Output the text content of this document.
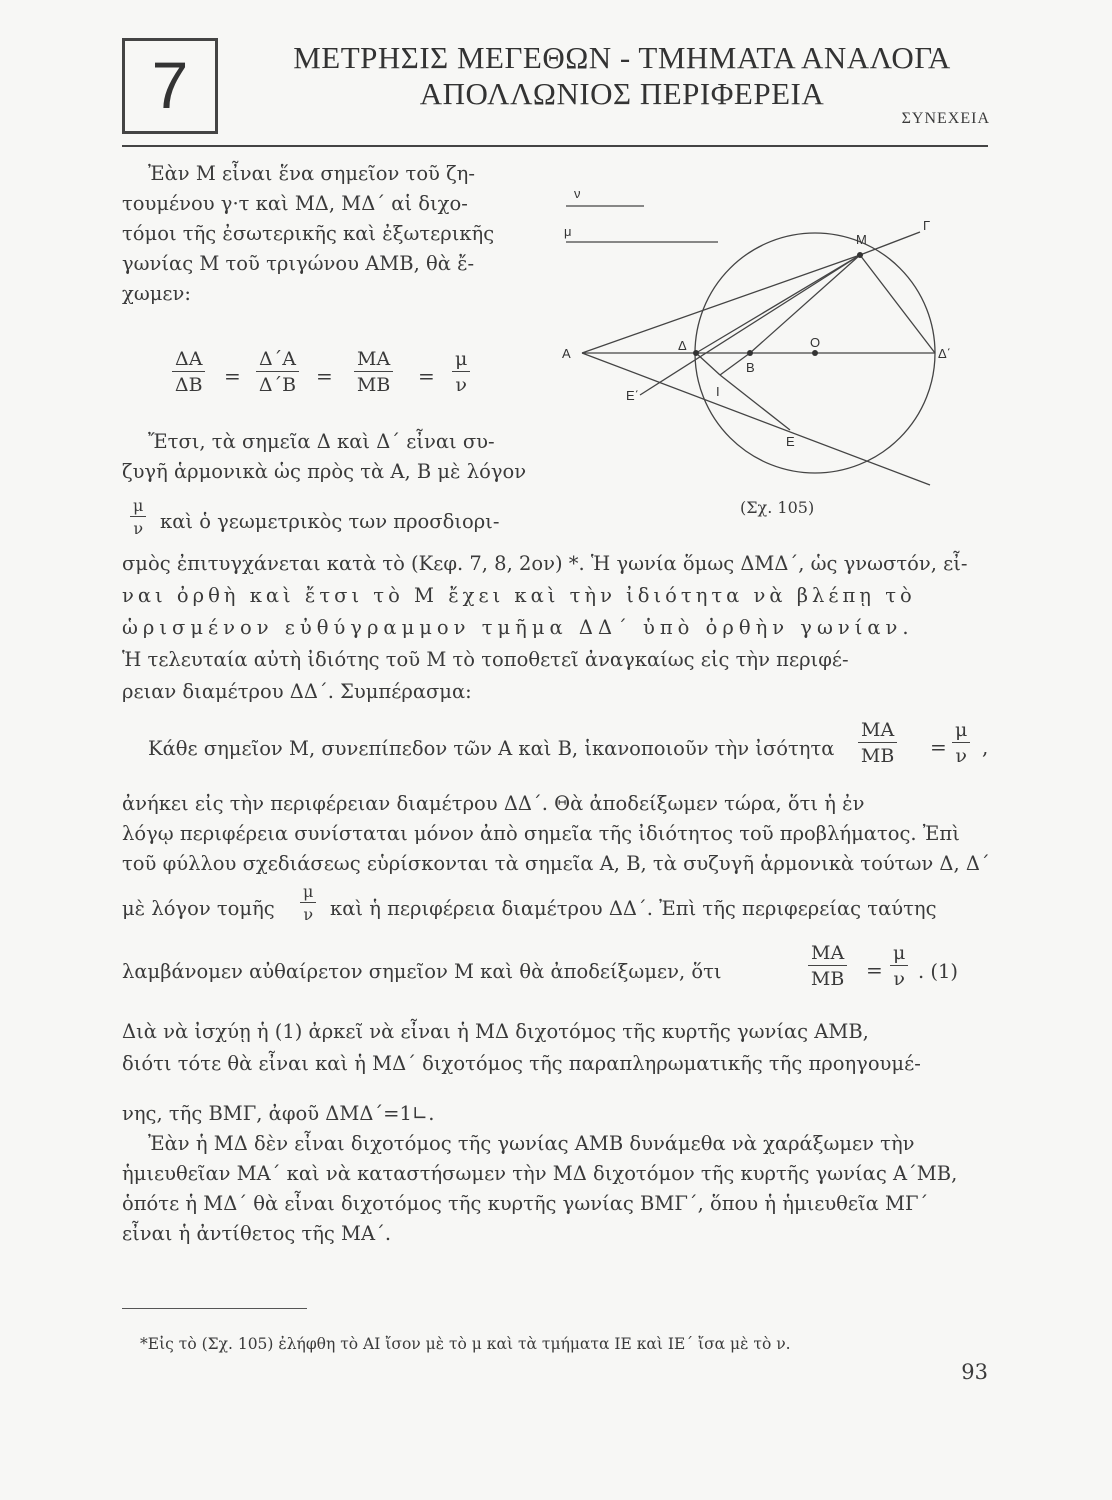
7	ΜΕΤΡΗΣΙΣ ΜΕΓΕΘΩΝ - ΤΜΗΜΑΤΑ ΑΝΑΛΟΓΑ
ΑΠΟΛΛΩΝΙΟΣ ΠΕΡΙΦΕΡΕΙΑ
ΣΥΝΕΧΕΙΑ
Ἐὰν Μ εἶναι ἕνα σημεῖον τοῦ ζη-
τουμένου γ·τ καὶ ΜΔ, ΜΔ΄ αἱ διχο-
τόμοι τῆς ἐσωτερικῆς καὶ ἐξωτερικῆς
γωνίας Μ τοῦ τριγώνου ΑΜΒ, θὰ ἔ-
χωμεν:
$\frac{\Delta A}{\Delta B} = \frac{\Delta΄A}{\Delta΄B} = \frac{MA}{MB} = \frac{\mu}{\nu}$
Ἔτσι, τὰ σημεῖα Δ καὶ Δ΄ εἶναι συ-
ζυγῆ ἁρμονικὰ ὡς πρὸς τὰ Α, Β μὲ λόγον
$\frac{\mu}{\nu}$ καὶ ὁ γεωμετρικὸς των προσδιορι-
ν
μ
Μ
Γ
Α
Δ	Ο
Δ΄
Β
Ε΄	Ι
Ε
(Σχ. 105)
σμὸς ἐπιτυγχάνεται κατὰ τὸ (Κεφ. 7, 8, 2ον) *. Ἡ γωνία ὅμως ΔΜΔ΄, ὡς γνωστόν, εἶ-
ναι ὀρθὴ καὶ ἔτσι τὸ Μ ἔχει καὶ τὴν ἰδιότητα νὰ βλέπῃ τὸ
ὡρισμένον εὐθύγραμμον τμῆμα ΔΔ΄ ὑπὸ ὀρθὴν γωνίαν.
Ἡ τελευταία αὐτὴ ἰδιότης τοῦ Μ τὸ τοποθετεῖ ἀναγκαίως εἰς τὴν περιφέ-
ρειαν διαμέτρου ΔΔ΄. Συμπέρασμα:
Κάθε σημεῖον Μ, συνεπίπεδον τῶν Α καὶ Β, ἱκανοποιοῦν τὴν ἰσότητα $\frac{MA}{MB} = \frac{\mu}{\nu}$ ,
ἀνήκει εἰς τὴν περιφέρειαν διαμέτρου ΔΔ΄. Θὰ ἀποδείξωμεν τώρα, ὅτι ἡ ἐν
λόγῳ περιφέρεια συνίσταται μόνον ἀπὸ σημεῖα τῆς ἰδιότητος τοῦ προβλήματος. Ἐπὶ
τοῦ φύλλου σχεδιάσεως εὑρίσκονται τὰ σημεῖα Α, Β, τὰ συζυγῆ ἁρμονικὰ τούτων Δ, Δ΄
μὲ λόγον τομῆς $\frac{\mu}{\nu}$ καὶ ἡ περιφέρεια διαμέτρου ΔΔ΄. Ἐπὶ τῆς περιφερείας ταύτης
λαμβάνομεν αὐθαίρετον σημεῖον Μ καὶ θὰ ἀποδείξωμεν, ὅτι	$\frac{MA}{MB} = \frac{\mu}{\nu}$ . (1)
Διὰ νὰ ἰσχύῃ ἡ (1) ἀρκεῖ νὰ εἶναι ἡ ΜΔ διχοτόμος τῆς κυρτῆς γωνίας ΑΜΒ,
διότι τότε θὰ εἶναι καὶ ἡ ΜΔ΄ διχοτόμος τῆς παραπληρωματικῆς τῆς προηγουμέ-
νης, τῆς ΒΜΓ, ἀφοῦ ΔΜΔ΄=1∟.
Ἐὰν ἡ ΜΔ δὲν εἶναι διχοτόμος τῆς γωνίας ΑΜΒ δυνάμεθα νὰ χαράξωμεν τὴν
ἡμιευθεῖαν ΜΑ΄ καὶ νὰ καταστήσωμεν τὴν ΜΔ διχοτόμον τῆς κυρτῆς γωνίας Α΄ΜΒ,
ὁπότε ἡ ΜΔ΄ θὰ εἶναι διχοτόμος τῆς κυρτῆς γωνίας ΒΜΓ΄, ὅπου ἡ ἡμιευθεῖα ΜΓ΄
εἶναι ἡ ἀντίθετος τῆς ΜΑ΄.
*Εἰς τὸ (Σχ. 105) ἐλήφθη τὸ ΑΙ ἴσον μὲ τὸ μ καὶ τὰ τμήματα ΙΕ καὶ ΙΕ΄ ἴσα μὲ τὸ ν.
93
